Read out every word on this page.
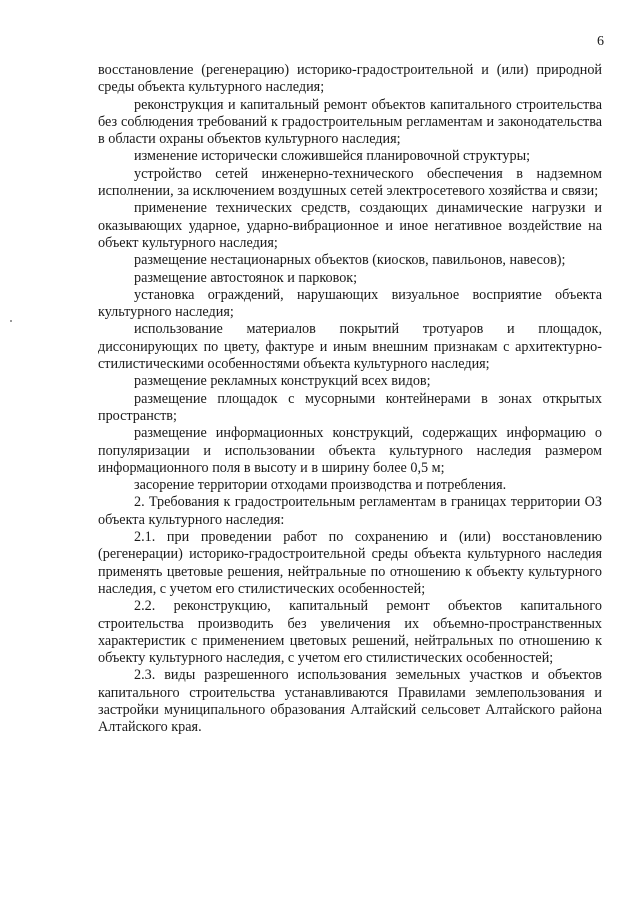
6

восстановление (регенерацию) историко-градостроительной и (или) природной среды объекта культурного наследия;

реконструкция и капитальный ремонт объектов капитального строительства без соблюдения требований к градостроительным регламентам и законодательства в области охраны объектов культурного наследия;

изменение исторически сложившейся планировочной структуры;

устройство сетей инженерно-технического обеспечения в надземном исполнении, за исключением воздушных сетей электросетевого хозяйства и связи;

применение технических средств, создающих динамические нагрузки и оказывающих ударное, ударно-вибрационное и иное негативное воздействие на объект культурного наследия;

размещение нестационарных объектов (киосков, павильонов, навесов);

размещение автостоянок и парковок;

установка ограждений, нарушающих визуальное восприятие объекта культурного наследия;

использование материалов покрытий тротуаров и площадок, диссонирующих по цвету, фактуре и иным внешним признакам с архитектурно-стилистическими особенностями объекта культурного наследия;

размещение рекламных конструкций всех видов;

размещение площадок с мусорными контейнерами в зонах открытых пространств;

размещение информационных конструкций, содержащих информацию о популяризации и использовании объекта культурного наследия размером информационного поля в высоту и в ширину более 0,5 м;

засорение территории отходами производства и потребления.

2. Требования к градостроительным регламентам в границах территории ОЗ объекта культурного наследия:

2.1. при проведении работ по сохранению и (или) восстановлению (регенерации) историко-градостроительной среды объекта культурного наследия применять цветовые решения, нейтральные по отношению к объекту культурного наследия, с учетом его стилистических особенностей;

2.2. реконструкцию, капитальный ремонт объектов капитального строительства производить без увеличения их объемно-пространственных характеристик с применением цветовых решений, нейтральных по отношению к объекту культурного наследия, с учетом его стилистических особенностей;

2.3. виды разрешенного использования земельных участков и объектов капитального строительства устанавливаются Правилами землепользования и застройки муниципального образования Алтайский сельсовет Алтайского района Алтайского края.
